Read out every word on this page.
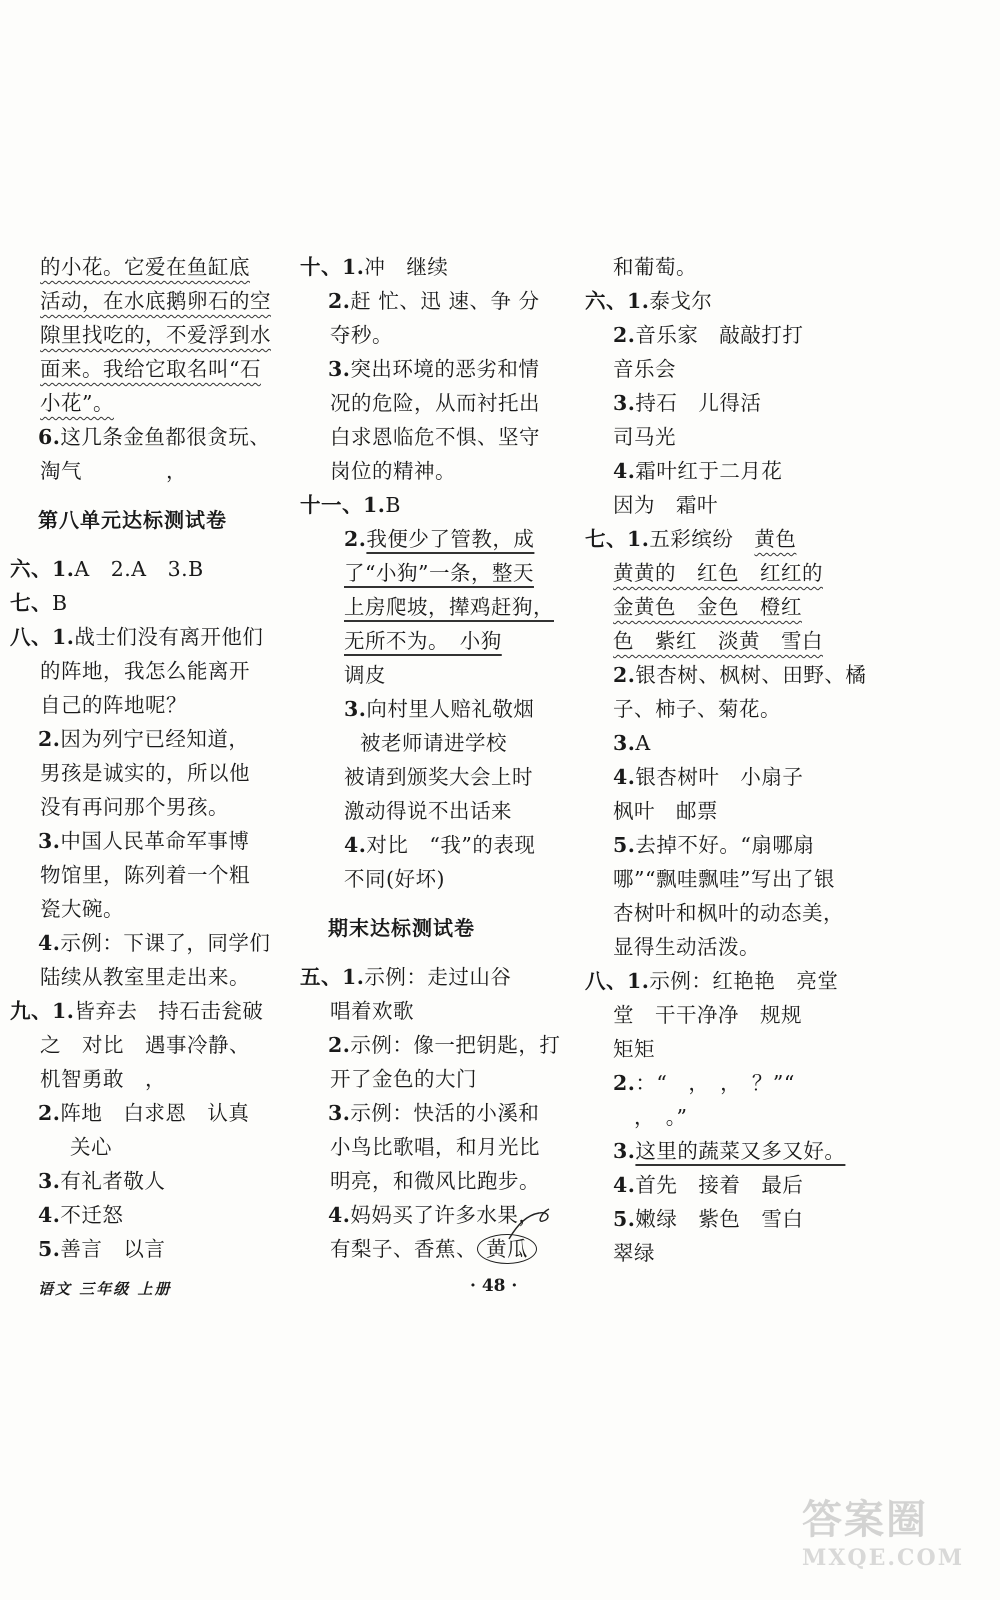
的小花。它爱在鱼缸底
活动，在水底鹅卵石的空
隙里找吃的，不爱浮到水
面来。我给它取名叫“石
小花”。
6.这几条金鱼都很贪玩、
淘气　　　　，
第八单元达标测试卷
六、1.A　2.A　3.B
七、B
八、1.战士们没有离开他们
的阵地，我怎么能离开
自己的阵地呢？
2.因为列宁已经知道，
男孩是诚实的，所以他
没有再问那个男孩。
3.中国人民革命军事博
物馆里，陈列着一个粗
瓷大碗。
4.示例：下课了，同学们
陆续从教室里走出来。
九、1.皆弃去　持石击瓮破
之　对比　遇事冷静、
机智勇敢　，
2.阵地　白求恩　认真
关心
3.有礼者敬人
4.不迁怒
5.善言　以言
十、1.冲　继续
2.赶 忙、迅 速、争 分
夺秒。
3.突出环境的恶劣和情
况的危险，从而衬托出
白求恩临危不惧、坚守
岗位的精神。
十一、1.B
2.我便少了管教，成
了“小狗”一条，整天
上房爬坡，撵鸡赶狗，
无所不为。　小狗
调皮
3.向村里人赔礼敬烟
被老师请进学校
被请到颁奖大会上时
激动得说不出话来
4.对比　“我”的表现
不同(好坏)
期末达标测试卷
五、1.示例：走过山谷
唱着欢歌
2.示例：像一把钥匙，打
开了金色的大门
3.示例：快活的小溪和
小鸟比歌唱，和月光比
明亮，和微风比跑步。
4.妈妈买了许多水果，
有梨子、香蕉、 黄瓜
和葡萄。
六、1.泰戈尔
2.音乐家　敲敲打打
音乐会
3.持石　儿得活
司马光
4.霜叶红于二月花
因为　霜叶
七、1.五彩缤纷　黄色
黄黄的　红色　红红的
金黄色　金色　橙红
色　紫红　淡黄　雪白
2.银杏树、枫树、田野、橘
子、柿子、菊花。
3.A
4.银杏树叶　小扇子
枫叶　邮票
5.去掉不好。“扇哪扇
哪”“飘哇飘哇”写出了银
杏树叶和枫叶的动态美，
显得生动活泼。
八、1.示例：红艳艳　亮堂
堂　干干净净　规规
矩矩
2.：“　，　，　？”“
　，　。”
3.这里的蔬菜又多又好。
4.首先　接着　最后
5.嫩绿　紫色　雪白
翠绿
语文 三年级 上册	· 48 ·
答案圈
MXQE.COM
